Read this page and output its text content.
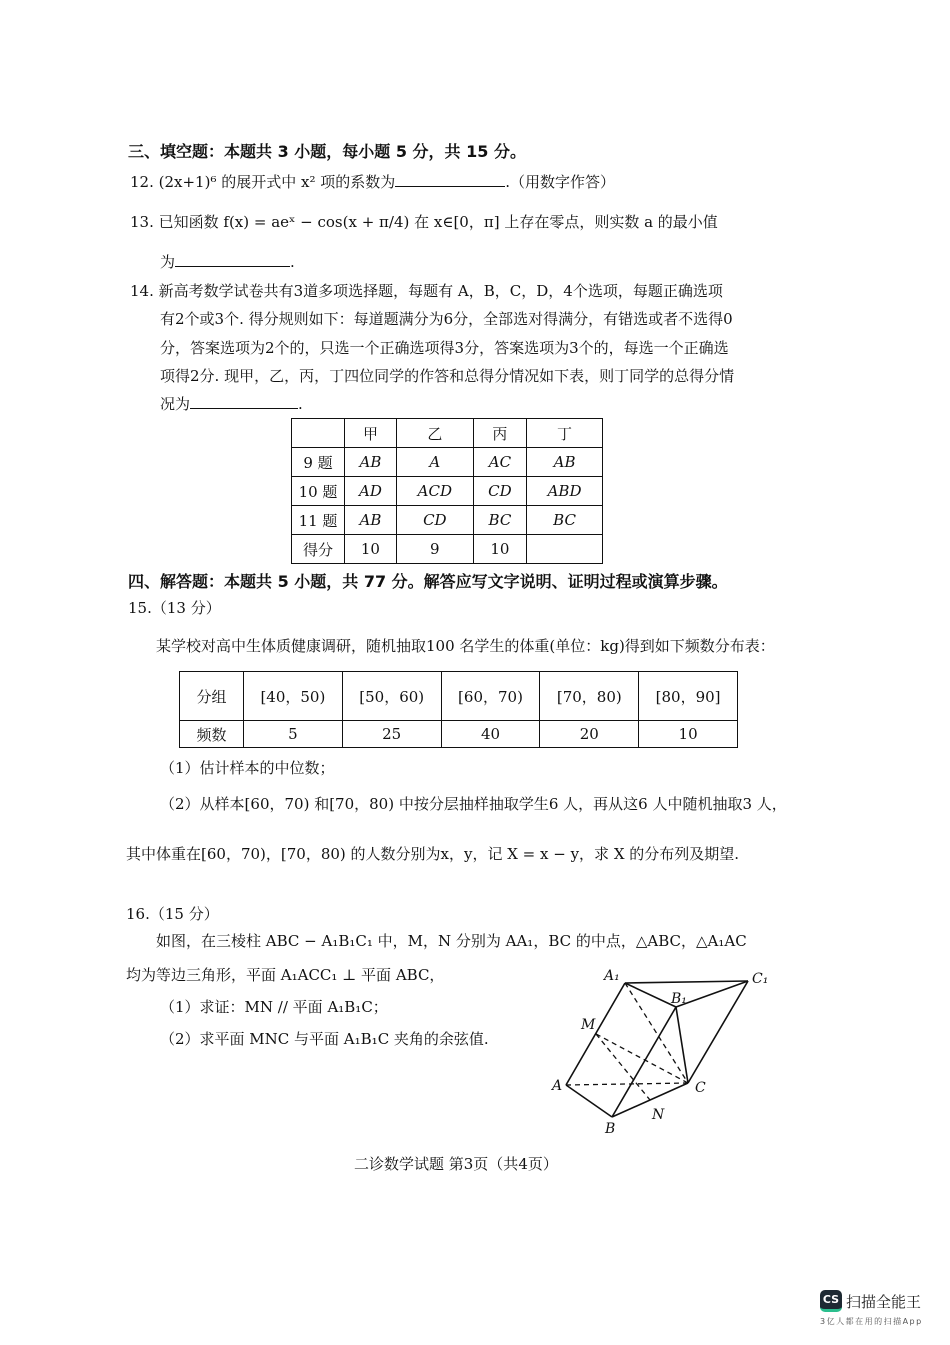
三、填空题：本题共 3 小题，每小题 5 分，共 15 分。
12. (2x+1)⁶ 的展开式中 x² 项的系数为	.（用数字作答）
13. 已知函数 f(x) = aeˣ − cos(x + π/4) 在 x∈[0，π] 上存在零点，则实数 a 的最小值
为	.
14. 新高考数学试卷共有3道多项选择题，每题有 A，B，C，D，4个选项，每题正确选项
有2个或3个. 得分规则如下：每道题满分为6分，全部选对得满分，有错选或者不选得0
分，答案选项为2个的，只选一个正确选项得3分，答案选项为3个的，每选一个正确选
项得2分. 现甲，乙，丙，丁四位同学的作答和总得分情况如下表，则丁同学的总得分情
况为	.
	甲	乙	丙	丁
9 题	AB	A	AC	AB
10 题	AD	ACD	CD	ABD
11 题	AB	CD	BC	BC
得分	10	9	10	
四、解答题：本题共 5 小题，共 77 分。解答应写文字说明、证明过程或演算步骤。
15.（13 分）
某学校对高中生体质健康调研，随机抽取100 名学生的体重(单位：kg)得到如下频数分布表：
分组	[40，50)	[50，60)	[60，70)	[70，80)	[80，90]
频数	5	25	40	20	10
（1）估计样本的中位数；
（2）从样本[60，70) 和[70，80) 中按分层抽样抽取学生6 人，再从这6 人中随机抽取3 人，
其中体重在[60，70)，[70，80) 的人数分别为x，y，记 X = x − y，求 X 的分布列及期望.
16.（15 分）
如图，在三棱柱 ABC − A₁B₁C₁ 中，M，N 分别为 AA₁，BC 的中点，△ABC，△A₁AC
均为等边三角形，平面 A₁ACC₁ ⊥ 平面 ABC，
（1）求证：MN // 平面 A₁B₁C；
（2）求平面 MNC 与平面 A₁B₁C 夹角的余弦值.
A₁	C₁
B₁
M
A	C
N
B
二诊数学试题 第3页（共4页）
CS 扫描全能王
3亿人都在用的扫描App
